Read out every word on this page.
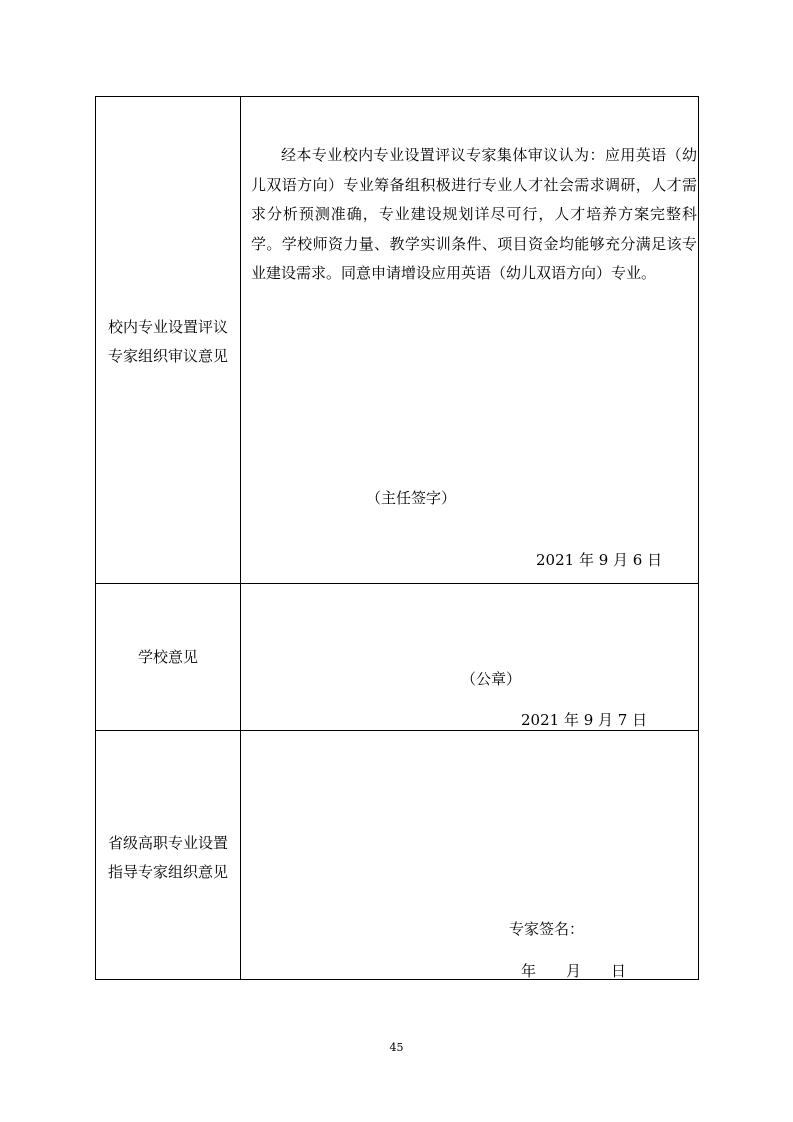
校内专业设置评议
专家组织审议意见

经本专业校内专业设置评议专家集体审议认为：应用英语（幼儿双语方向）专业筹备组积极进行专业人才社会需求调研，人才需求分析预测准确，专业建设规划详尽可行，人才培养方案完整科学。学校师资力量、教学实训条件、项目资金均能够充分满足该专业建设需求。同意申请增设应用英语（幼儿双语方向）专业。

（主任签字）
2021 年 9 月 6 日
学校意见
（公章）
2021 年 9 月 7 日
省级高职专业设置
指导专家组织意见
专家签名：
年　　月　　日
45
